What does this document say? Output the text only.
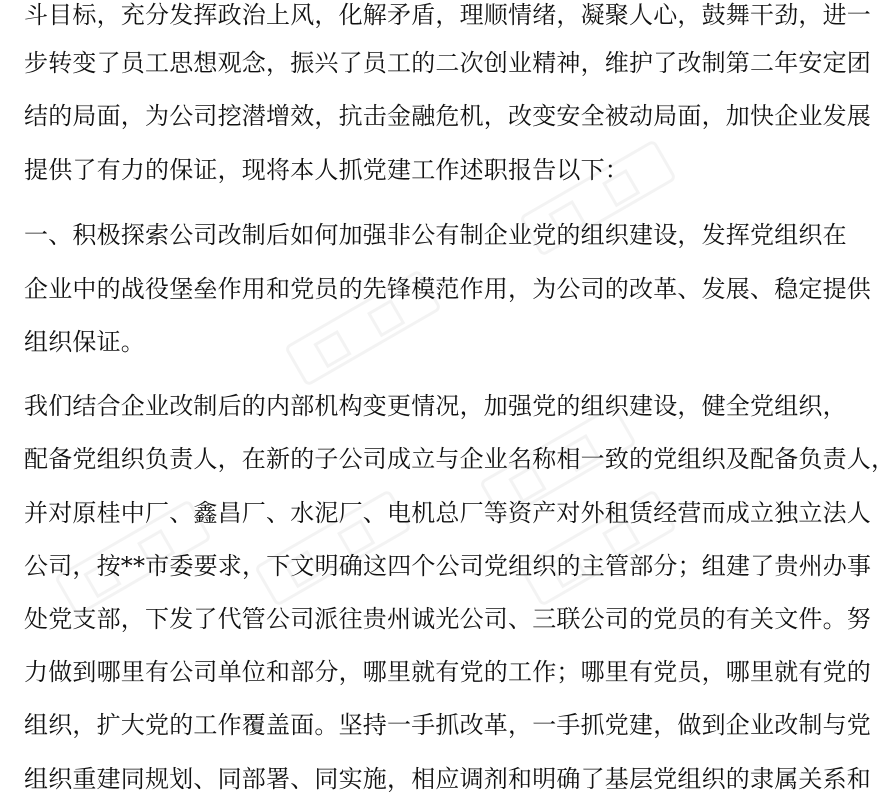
斗目标，充分发挥政治上风，化解矛盾，理顺情绪，凝聚人心，鼓舞干劲，进一
步转变了员工思想观念，振兴了员工的二次创业精神，维护了改制第二年安定团
结的局面，为公司挖潜增效，抗击金融危机，改变安全被动局面，加快企业发展
提供了有力的保证，现将本人抓党建工作述职报告以下：
一、积极探索公司改制后如何加强非公有制企业党的组织建设，发挥党组织在
企业中的战役堡垒作用和党员的先锋模范作用，为公司的改革、发展、稳定提供
组织保证。
我们结合企业改制后的内部机构变更情况，加强党的组织建设，健全党组织，
配备党组织负责人，在新的子公司成立与企业名称相一致的党组织及配备负责人，
并对原桂中厂、鑫昌厂、水泥厂、电机总厂等资产对外租赁经营而成立独立法人
公司，按**市委要求，下文明确这四个公司党组织的主管部分；组建了贵州办事
处党支部，下发了代管公司派往贵州诚光公司、三联公司的党员的有关文件。努
力做到哪里有公司单位和部分，哪里就有党的工作；哪里有党员，哪里就有党的
组织，扩大党的工作覆盖面。坚持一手抓改革，一手抓党建，做到企业改制与党
组织重建同规划、同部署、同实施，相应调剂和明确了基层党组织的隶属关系和
